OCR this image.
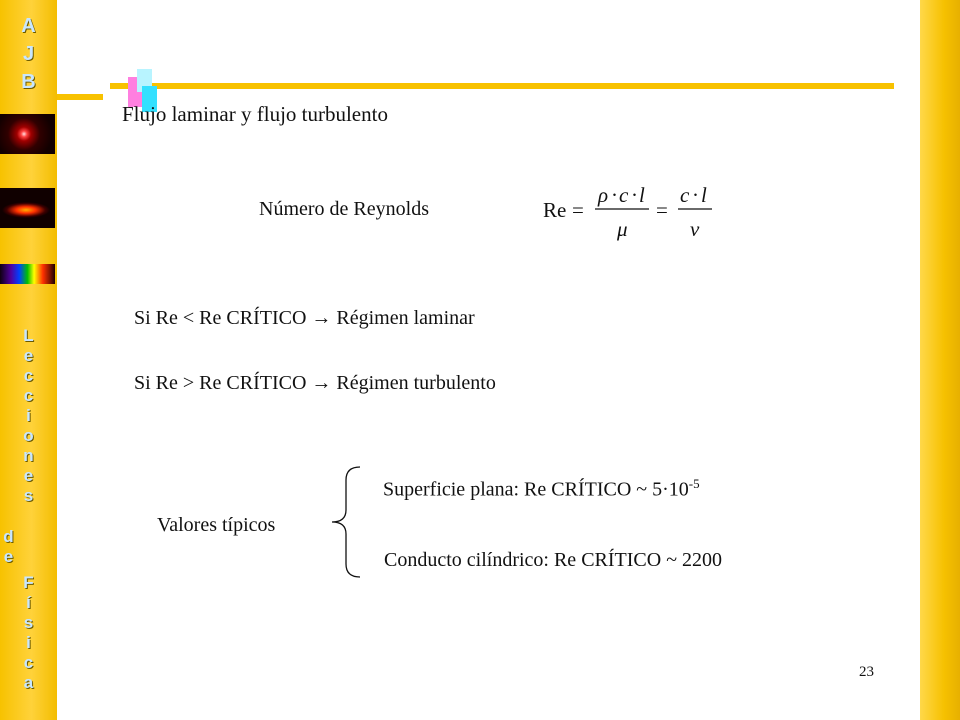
A
J
B
L
e
c
c
i
o
n
e
s
d
e
F
í
s
i
c
a
Flujo laminar y flujo turbulento
Número de Reynolds	Re =
ρ · c · l
μ
=
c · l
ν
Si Re < Re CRÍTICO → Régimen laminar
Si Re > Re CRÍTICO → Régimen turbulento
Valores típicos
Superficie plana: Re CRÍTICO ~ $5\cdot 10^{-5}$
Conducto cilíndrico: Re CRÍTICO ~ 2200
23
